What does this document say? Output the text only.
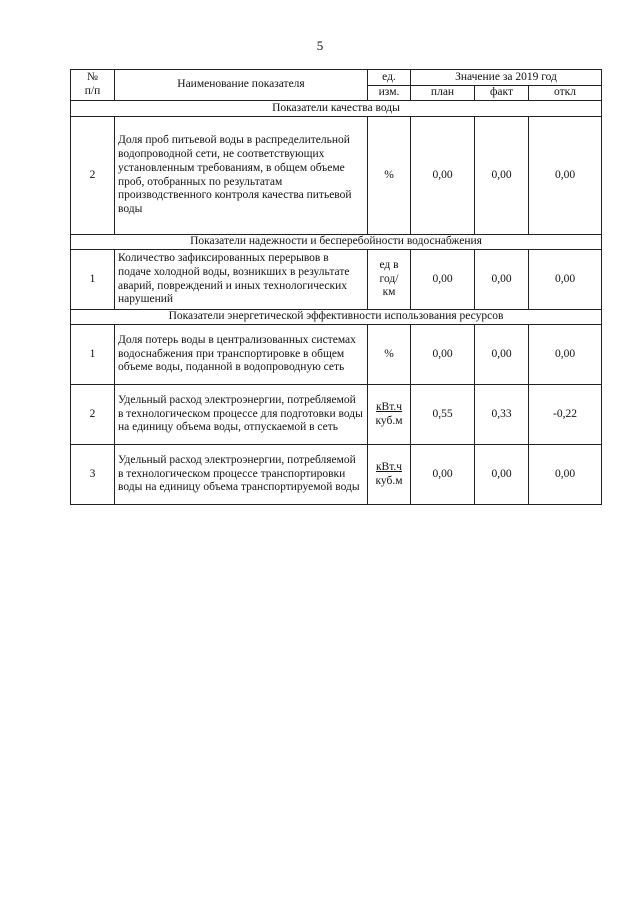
5
№
п/п	Наименование показателя	ед.	Значение за 2019 год		
		изм.	план	факт	откл
Показатели качества воды					
2	Доля проб питьевой воды в распределительной водопроводной сети, не соответствующих установленным требованиям, в общем объеме проб, отобранных по результатам производственного контроля качества питьевой воды	%	0,00	0,00	0,00
Показатели надежности и бесперебойности водоснабжения					
1	Количество зафиксированных перерывов в подаче холодной воды, возникших в результате аварий, повреждений и иных технологических нарушений	ед в
год/
км	0,00	0,00	0,00
Показатели энергетической эффективности использования ресурсов					
1	Доля потерь воды в централизованных системах водоснабжения при транспортировке в общем объеме воды, поданной в водопроводную сеть	%	0,00	0,00	0,00
2	Удельный расход электроэнергии, потребляемой в технологическом процессе для подготовки воды на единицу объема воды, отпускаемой в сеть	$\frac{\text{кВт.ч}}{\text{куб.м}}$	0,55	0,33	-0,22
3	Удельный расход электроэнергии, потребляемой в технологическом процессе транспортировки воды на единицу объема транспортируемой воды	$\frac{\text{кВт.ч}}{\text{куб.м}}$	0,00	0,00	0,00
